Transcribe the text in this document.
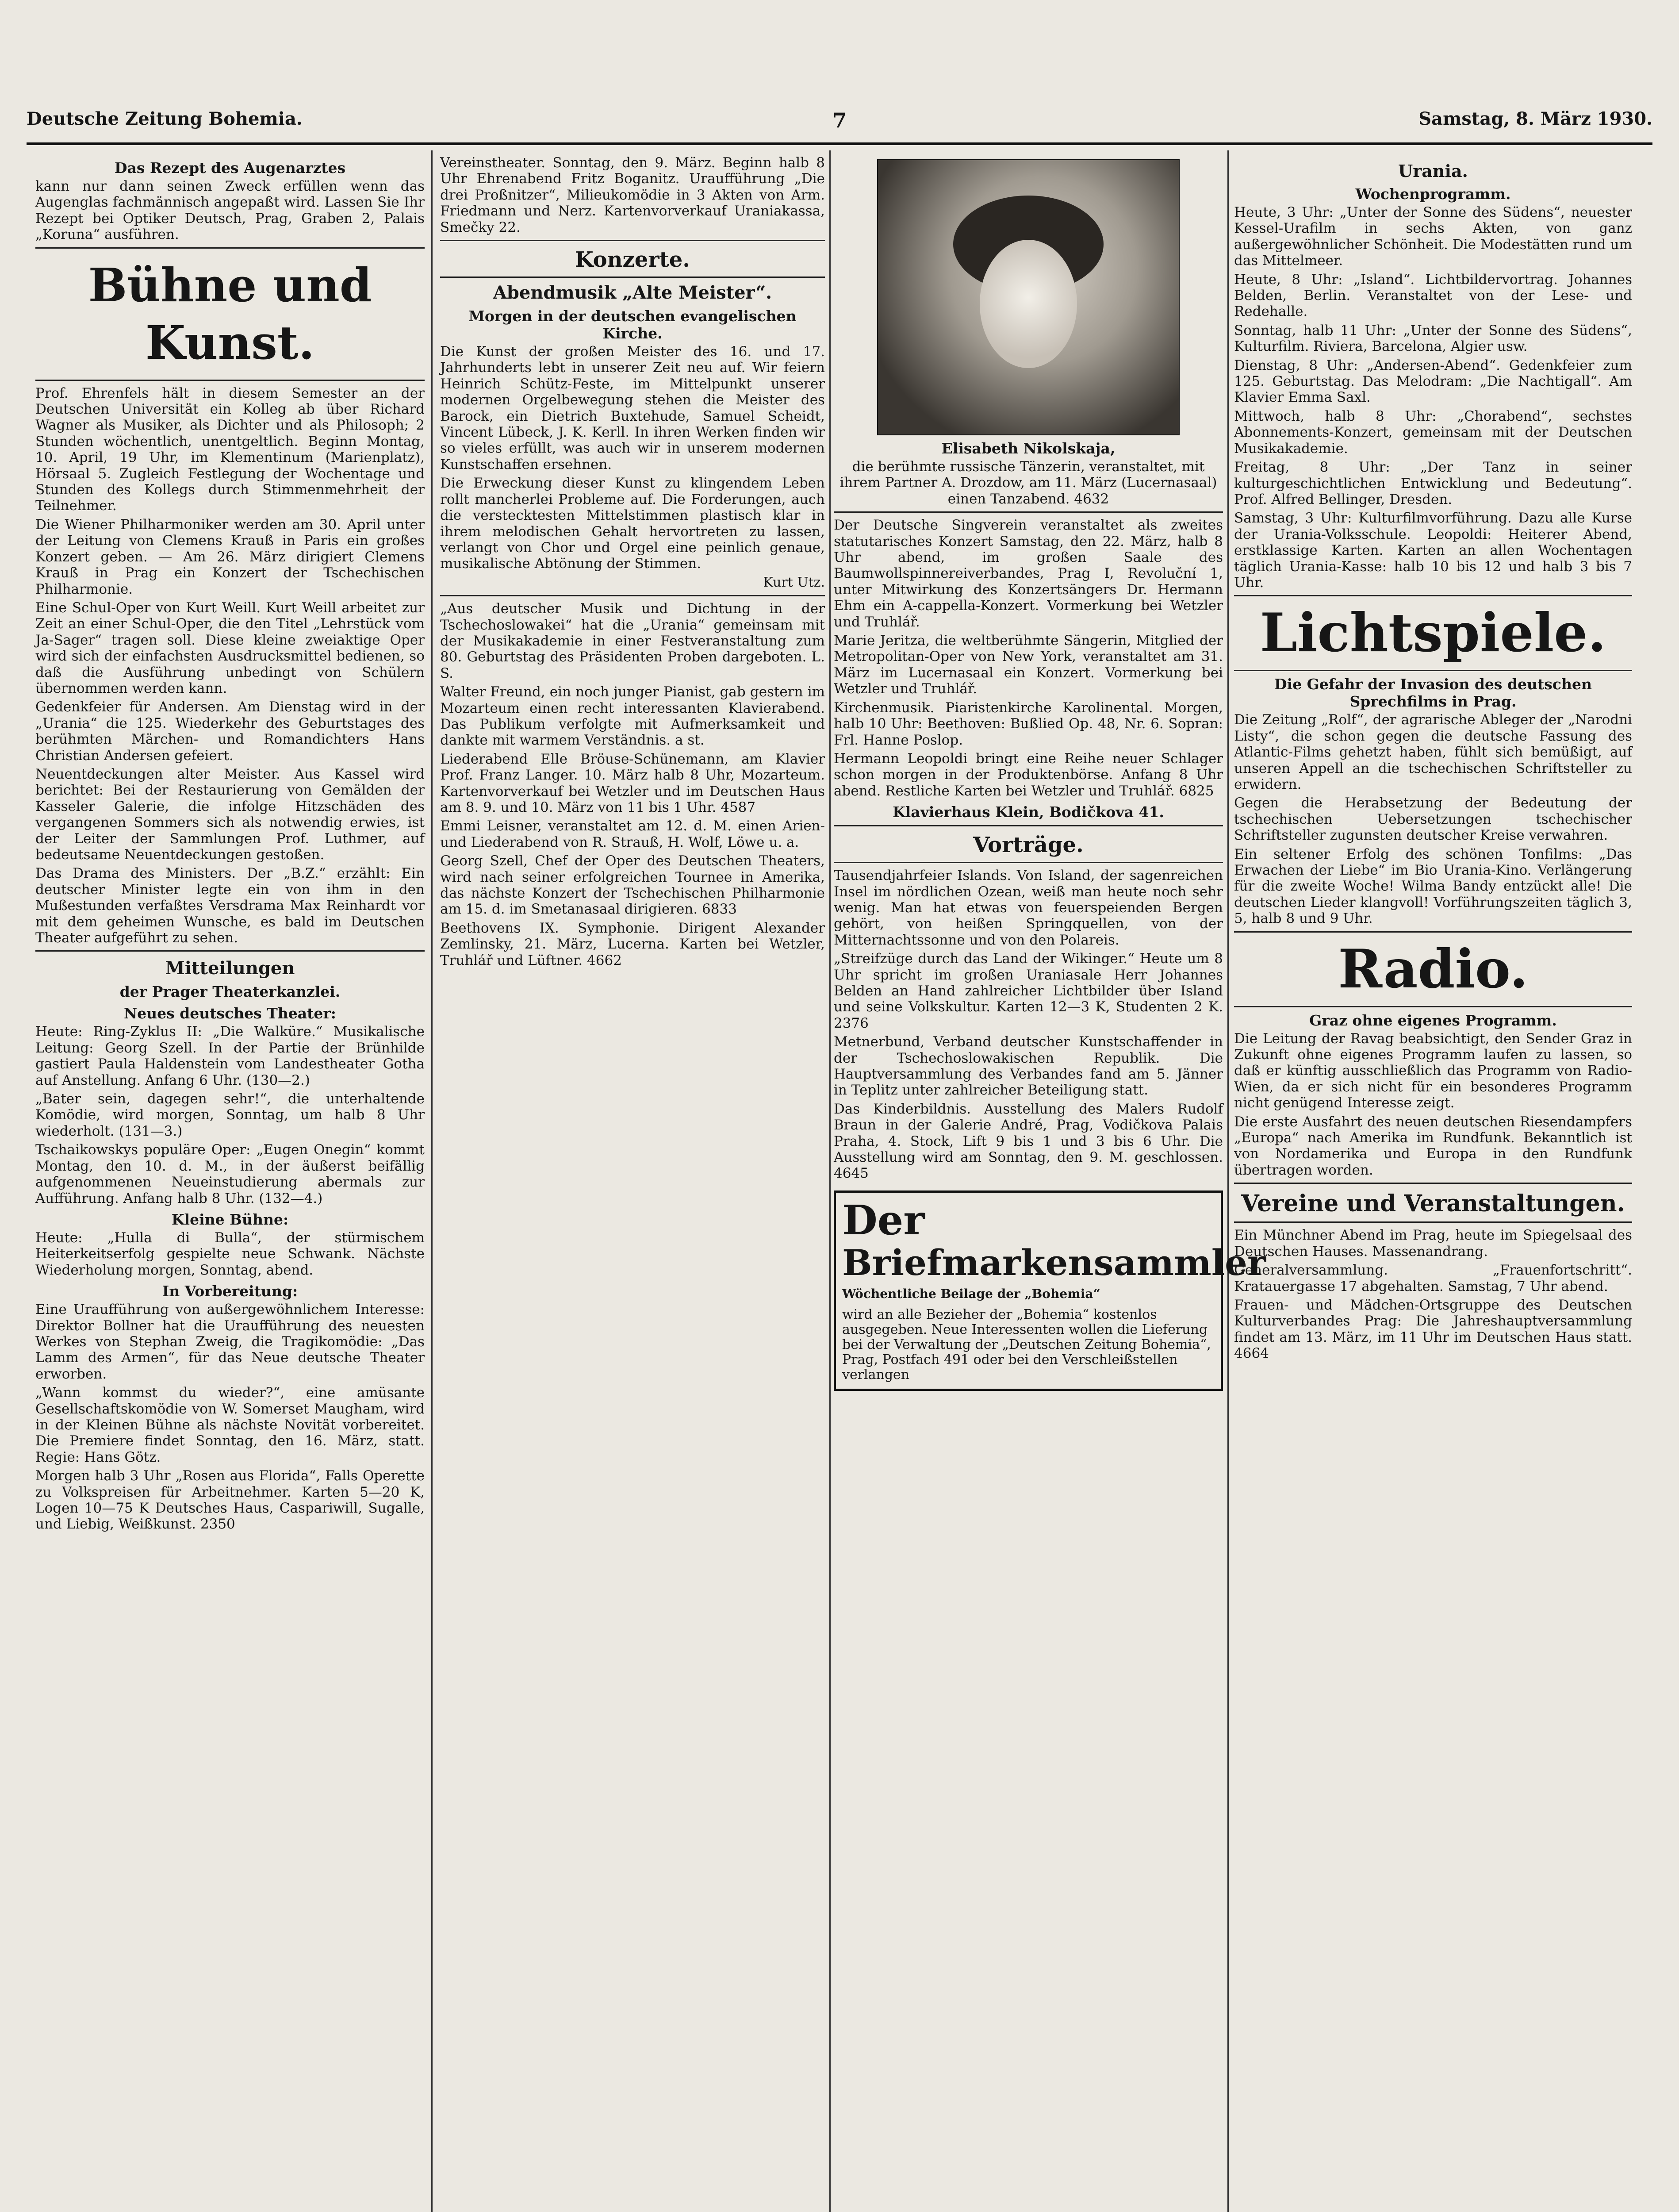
Deutsche Zeitung Bohemia.	7	Samstag, 8. März 1930.
Das Rezept des Augenarztes

kann nur dann seinen Zweck erfüllen wenn das Augenglas fachmännisch angepaßt wird. Lassen Sie Ihr Rezept bei Optiker Deutsch, Prag, Graben 2, Palais „Koruna“ ausführen.

Bühne und Kunst.

Prof. Ehrenfels hält in diesem Semester an der Deutschen Universität ein Kolleg ab über Richard Wagner als Musiker, als Dichter und als Philosoph; 2 Stunden wöchentlich, unentgeltlich. Beginn Montag, 10. April, 19 Uhr, im Klementinum (Marienplatz), Hörsaal 5. Zugleich Festlegung der Wochentage und Stunden des Kollegs durch Stimmenmehrheit der Teilnehmer.

Die Wiener Philharmoniker werden am 30. April unter der Leitung von Clemens Krauß in Paris ein großes Konzert geben. — Am 26. März dirigiert Clemens Krauß in Prag ein Konzert der Tschechischen Philharmonie.

Eine Schul-Oper von Kurt Weill. Kurt Weill arbeitet zur Zeit an einer Schul-Oper, die den Titel „Lehrstück vom Ja-Sager“ tragen soll. Diese kleine zweiaktige Oper wird sich der einfachsten Ausdrucksmittel bedienen, so daß die Ausführung unbedingt von Schülern übernommen werden kann.

Gedenkfeier für Andersen. Am Dienstag wird in der „Urania“ die 125. Wiederkehr des Geburtstages des berühmten Märchen- und Romandichters Hans Christian Andersen gefeiert.

Neuentdeckungen alter Meister. Aus Kassel wird berichtet: Bei der Restaurierung von Gemälden der Kasseler Galerie, die infolge Hitzschäden des vergangenen Sommers sich als notwendig erwies, ist der Leiter der Sammlungen Prof. Luthmer, auf bedeutsame Neuentdeckungen gestoßen.

Das Drama des Ministers. Der „B.Z.“ erzählt: Ein deutscher Minister legte ein von ihm in den Mußestunden verfaßtes Versdrama Max Reinhardt vor mit dem geheimen Wunsche, es bald im Deutschen Theater aufgeführt zu sehen.

Mitteilungen
der Prager Theaterkanzlei.
Neues deutsches Theater:

Heute: Ring-Zyklus II: „Die Walküre.“ Musikalische Leitung: Georg Szell. In der Partie der Brünhilde gastiert Paula Haldenstein vom Landestheater Gotha auf Anstellung. Anfang 6 Uhr. (130—2.)

„Bater sein, dagegen sehr!“, die unterhaltende Komödie, wird morgen, Sonntag, um halb 8 Uhr wiederholt. (131—3.)

Tschaikowskys populäre Oper: „Eugen Onegin“ kommt Montag, den 10. d. M., in der äußerst beifällig aufgenommenen Neueinstudierung abermals zur Aufführung. Anfang halb 8 Uhr. (132—4.)

Kleine Bühne:

Heute: „Hulla di Bulla“, der stürmischem Heiterkeitserfolg gespielte neue Schwank. Nächste Wiederholung morgen, Sonntag, abend.

In Vorbereitung:

Eine Uraufführung von außergewöhnlichem Interesse: Direktor Bollner hat die Uraufführung des neuesten Werkes von Stephan Zweig, die Tragikomödie: „Das Lamm des Armen“, für das Neue deutsche Theater erworben.

„Wann kommst du wieder?“, eine amüsante Gesellschaftskomödie von W. Somerset Maugham, wird in der Kleinen Bühne als nächste Novität vorbereitet. Die Premiere findet Sonntag, den 16. März, statt. Regie: Hans Götz.

Morgen halb 3 Uhr „Rosen aus Florida“, Falls Operette zu Volkspreisen für Arbeitnehmer. Karten 5—20 K, Logen 10—75 K Deutsches Haus, Caspariwill, Sugalle, und Liebig, Weißkunst. 2350

Vereinstheater. Sonntag, den 9. März. Beginn halb 8 Uhr Ehrenabend Fritz Boganitz. Uraufführung „Die drei Proßnitzer“, Milieukomödie in 3 Akten von Arm. Friedmann und Nerz. Kartenvorverkauf Uraniakassa, Smečky 22.

Konzerte.
Abendmusik „Alte Meister“.
Morgen in der deutschen evangelischen Kirche.

Die Kunst der großen Meister des 16. und 17. Jahrhunderts lebt in unserer Zeit neu auf. Wir feiern Heinrich Schütz-Feste, im Mittelpunkt unserer modernen Orgelbewegung stehen die Meister des Barock, ein Dietrich Buxtehude, Samuel Scheidt, Vincent Lübeck, J. K. Kerll. In ihren Werken finden wir so vieles erfüllt, was auch wir in unserem modernen Kunstschaffen ersehnen.

Die Erweckung dieser Kunst zu klingendem Leben rollt mancherlei Probleme auf. Die Forderungen, auch die verstecktesten Mittelstimmen plastisch klar in ihrem melodischen Gehalt hervortreten zu lassen, verlangt von Chor und Orgel eine peinlich genaue, musikalische Abtönung der Stimmen.

Kurt Utz.

„Aus deutscher Musik und Dichtung in der Tschechoslowakei“ hat die „Urania“ gemeinsam mit der Musikakademie in einer Festveranstaltung zum 80. Geburtstag des Präsidenten Proben dargeboten. L. S.

Walter Freund, ein noch junger Pianist, gab gestern im Mozarteum einen recht interessanten Klavierabend. Das Publikum verfolgte mit Aufmerksamkeit und dankte mit warmem Verständnis. a st.

Liederabend Elle Bröuse-Schünemann, am Klavier Prof. Franz Langer. 10. März halb 8 Uhr, Mozarteum. Kartenvorverkauf bei Wetzler und im Deutschen Haus am 8. 9. und 10. März von 11 bis 1 Uhr. 4587

Emmi Leisner, veranstaltet am 12. d. M. einen Arien- und Liederabend von R. Strauß, H. Wolf, Löwe u. a.

Georg Szell, Chef der Oper des Deutschen Theaters, wird nach seiner erfolgreichen Tournee in Amerika, das nächste Konzert der Tschechischen Philharmonie am 15. d. im Smetanasaal dirigieren. 6833

Beethovens IX. Symphonie. Dirigent Alexander Zemlinsky, 21. März, Lucerna. Karten bei Wetzler, Truhlář und Lüftner. 4662

Elisabeth Nikolskaja,

die berühmte russische Tänzerin, veranstaltet, mit ihrem Partner A. Drozdow, am 11. März (Lucernasaal) einen Tanzabend. 4632

Der Deutsche Singverein veranstaltet als zweites statutarisches Konzert Samstag, den 22. März, halb 8 Uhr abend, im großen Saale des Baumwollspinnereiverbandes, Prag I, Revoluční 1, unter Mitwirkung des Konzertsängers Dr. Hermann Ehm ein A-cappella-Konzert. Vormerkung bei Wetzler und Truhlář.

Marie Jeritza, die weltberühmte Sängerin, Mitglied der Metropolitan-Oper von New York, veranstaltet am 31. März im Lucernasaal ein Konzert. Vormerkung bei Wetzler und Truhlář.

Kirchenmusik. Piaristenkirche Karolinental. Morgen, halb 10 Uhr: Beethoven: Bußlied Op. 48, Nr. 6. Sopran: Frl. Hanne Poslop.

Hermann Leopoldi bringt eine Reihe neuer Schlager schon morgen in der Produktenbörse. Anfang 8 Uhr abend. Restliche Karten bei Wetzler und Truhlář. 6825

Klavierhaus Klein, Bodičkova 41.
Vorträge.

Tausendjahrfeier Islands. Von Island, der sagenreichen Insel im nördlichen Ozean, weiß man heute noch sehr wenig. Man hat etwas von feuerspeienden Bergen gehört, von heißen Springquellen, von der Mitternachtssonne und von den Polareis.

„Streifzüge durch das Land der Wikinger.“ Heute um 8 Uhr spricht im großen Uraniasale Herr Johannes Belden an Hand zahlreicher Lichtbilder über Island und seine Volkskultur. Karten 12—3 K, Studenten 2 K. 2376

Metnerbund, Verband deutscher Kunstschaffender in der Tschechoslowakischen Republik. Die Hauptversammlung des Verbandes fand am 5. Jänner in Teplitz unter zahlreicher Beteiligung statt.

Das Kinderbildnis. Ausstellung des Malers Rudolf Braun in der Galerie André, Prag, Vodičkova Palais Praha, 4. Stock, Lift 9 bis 1 und 3 bis 6 Uhr. Die Ausstellung wird am Sonntag, den 9. M. geschlossen. 4645

Der
Briefmarkensammler
Wöchentliche Beilage der „Bohemia“
wird an alle Bezieher der „Bohemia“ kostenlos ausgegeben. Neue Interessenten wollen die Lieferung bei der Verwaltung der „Deutschen Zeitung Bohemia“, Prag, Postfach 491 oder bei den Verschleißstellen verlangen
Urania.
Wochenprogramm.

Heute, 3 Uhr: „Unter der Sonne des Südens“, neuester Kessel-Urafilm in sechs Akten, von ganz außergewöhnlicher Schönheit. Die Modestätten rund um das Mittelmeer.

Heute, 8 Uhr: „Island“. Lichtbildervortrag. Johannes Belden, Berlin. Veranstaltet von der Lese- und Redehalle.

Sonntag, halb 11 Uhr: „Unter der Sonne des Südens“, Kulturfilm. Riviera, Barcelona, Algier usw.

Dienstag, 8 Uhr: „Andersen-Abend“. Gedenkfeier zum 125. Geburtstag. Das Melodram: „Die Nachtigall“. Am Klavier Emma Saxl.

Mittwoch, halb 8 Uhr: „Chorabend“, sechstes Abonnements-Konzert, gemeinsam mit der Deutschen Musikakademie.

Freitag, 8 Uhr: „Der Tanz in seiner kulturgeschichtlichen Entwicklung und Bedeutung“. Prof. Alfred Bellinger, Dresden.

Samstag, 3 Uhr: Kulturfilmvorführung. Dazu alle Kurse der Urania-Volksschule. Leopoldi: Heiterer Abend, erstklassige Karten. Karten an allen Wochentagen täglich Urania-Kasse: halb 10 bis 12 und halb 3 bis 7 Uhr.

Lichtspiele.
Die Gefahr der Invasion des deutschen Sprechfilms in Prag.

Die Zeitung „Rolf“, der agrarische Ableger der „Narodni Listy“, die schon gegen die deutsche Fassung des Atlantic-Films gehetzt haben, fühlt sich bemüßigt, auf unseren Appell an die tschechischen Schriftsteller zu erwidern.

Gegen die Herabsetzung der Bedeutung der tschechischen Uebersetzungen tschechischer Schriftsteller zugunsten deutscher Kreise verwahren.

Ein seltener Erfolg des schönen Tonfilms: „Das Erwachen der Liebe“ im Bio Urania-Kino. Verlängerung für die zweite Woche! Wilma Bandy entzückt alle! Die deutschen Lieder klangvoll! Vorführungszeiten täglich 3, 5, halb 8 und 9 Uhr.

Radio.
Graz ohne eigenes Programm.

Die Leitung der Ravag beabsichtigt, den Sender Graz in Zukunft ohne eigenes Programm laufen zu lassen, so daß er künftig ausschließlich das Programm von Radio-Wien, da er sich nicht für ein besonderes Programm nicht genügend Interesse zeigt.

Die erste Ausfahrt des neuen deutschen Riesendampfers „Europa“ nach Amerika im Rundfunk. Bekanntlich ist von Nordamerika und Europa in den Rundfunk übertragen worden.

Vereine und Veranstaltungen.

Ein Münchner Abend im Prag, heute im Spiegelsaal des Deutschen Hauses. Massenandrang.

Generalversammlung. „Frauenfortschritt“. Kratauergasse 17 abgehalten. Samstag, 7 Uhr abend.

Frauen- und Mädchen-Ortsgruppe des Deutschen Kulturverbandes Prag: Die Jahreshauptversammlung findet am 13. März, im 11 Uhr im Deutschen Haus statt. 4664
